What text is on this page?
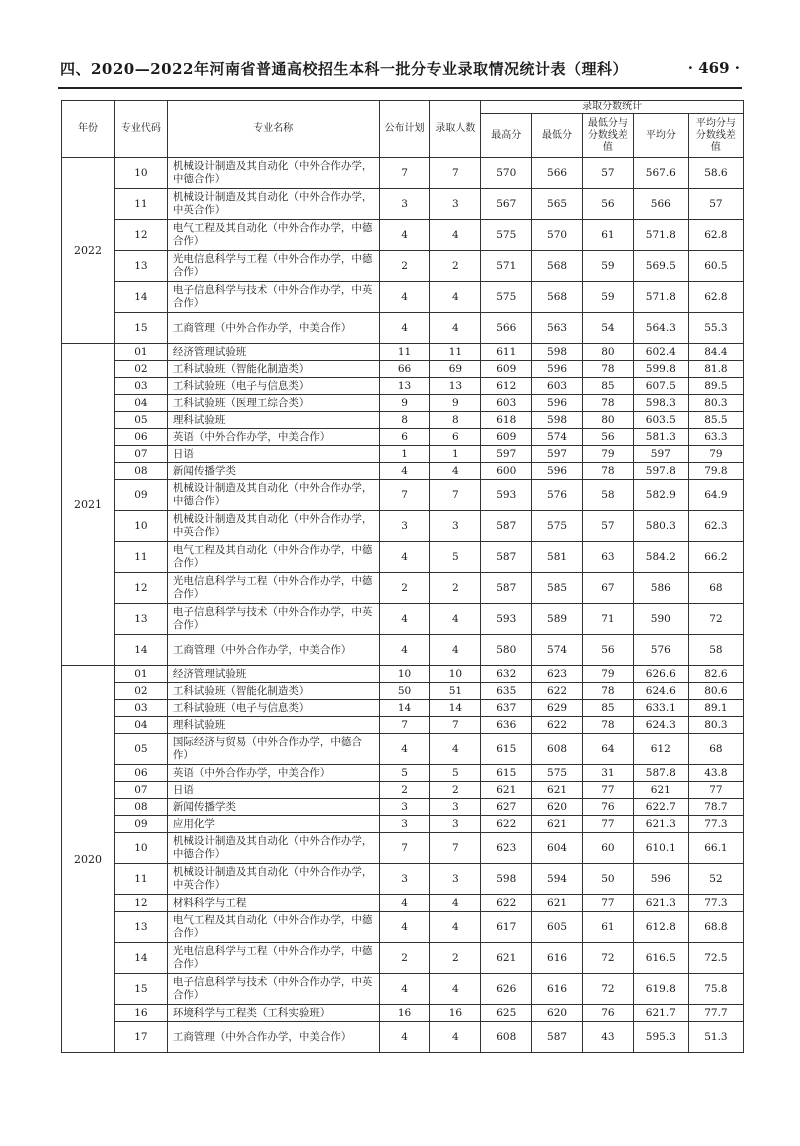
四、2020—2022年河南省普通高校招生本科一批分专业录取情况统计表（理科）	· 469 ·
年份	专业代码	专业名称	公布计划	录取人数	录取分数统计				
					最高分	最低分	最低分与分数线差值	平均分	平均分与分数线差值
2022	10	机械设计制造及其自动化（中外合作办学，中德合作）	7	7	570	566	57	567.6	58.6
	11	机械设计制造及其自动化（中外合作办学，中英合作）	3	3	567	565	56	566	57
	12	电气工程及其自动化（中外合作办学，中德合作）	4	4	575	570	61	571.8	62.8
	13	光电信息科学与工程（中外合作办学，中德合作）	2	2	571	568	59	569.5	60.5
	14	电子信息科学与技术（中外合作办学，中英合作）	4	4	575	568	59	571.8	62.8
	15	工商管理（中外合作办学，中美合作）	4	4	566	563	54	564.3	55.3
2021	01	经济管理试验班	11	11	611	598	80	602.4	84.4
	02	工科试验班（智能化制造类）	66	69	609	596	78	599.8	81.8
	03	工科试验班（电子与信息类）	13	13	612	603	85	607.5	89.5
	04	工科试验班（医理工综合类）	9	9	603	596	78	598.3	80.3
	05	理科试验班	8	8	618	598	80	603.5	85.5
	06	英语（中外合作办学，中美合作）	6	6	609	574	56	581.3	63.3
	07	日语	1	1	597	597	79	597	79
	08	新闻传播学类	4	4	600	596	78	597.8	79.8
	09	机械设计制造及其自动化（中外合作办学，中德合作）	7	7	593	576	58	582.9	64.9
	10	机械设计制造及其自动化（中外合作办学，中英合作）	3	3	587	575	57	580.3	62.3
	11	电气工程及其自动化（中外合作办学，中德合作）	4	5	587	581	63	584.2	66.2
	12	光电信息科学与工程（中外合作办学，中德合作）	2	2	587	585	67	586	68
	13	电子信息科学与技术（中外合作办学，中英合作）	4	4	593	589	71	590	72
	14	工商管理（中外合作办学，中美合作）	4	4	580	574	56	576	58
2020	01	经济管理试验班	10	10	632	623	79	626.6	82.6
	02	工科试验班（智能化制造类）	50	51	635	622	78	624.6	80.6
	03	工科试验班（电子与信息类）	14	14	637	629	85	633.1	89.1
	04	理科试验班	7	7	636	622	78	624.3	80.3
	05	国际经济与贸易（中外合作办学，中德合作）	4	4	615	608	64	612	68
	06	英语（中外合作办学，中美合作）	5	5	615	575	31	587.8	43.8
	07	日语	2	2	621	621	77	621	77
	08	新闻传播学类	3	3	627	620	76	622.7	78.7
	09	应用化学	3	3	622	621	77	621.3	77.3
	10	机械设计制造及其自动化（中外合作办学，中德合作）	7	7	623	604	60	610.1	66.1
	11	机械设计制造及其自动化（中外合作办学，中英合作）	3	3	598	594	50	596	52
	12	材料科学与工程	4	4	622	621	77	621.3	77.3
	13	电气工程及其自动化（中外合作办学，中德合作）	4	4	617	605	61	612.8	68.8
	14	光电信息科学与工程（中外合作办学，中德合作）	2	2	621	616	72	616.5	72.5
	15	电子信息科学与技术（中外合作办学，中英合作）	4	4	626	616	72	619.8	75.8
	16	环境科学与工程类（工科实验班）	16	16	625	620	76	621.7	77.7
	17	工商管理（中外合作办学，中美合作）	4	4	608	587	43	595.3	51.3
